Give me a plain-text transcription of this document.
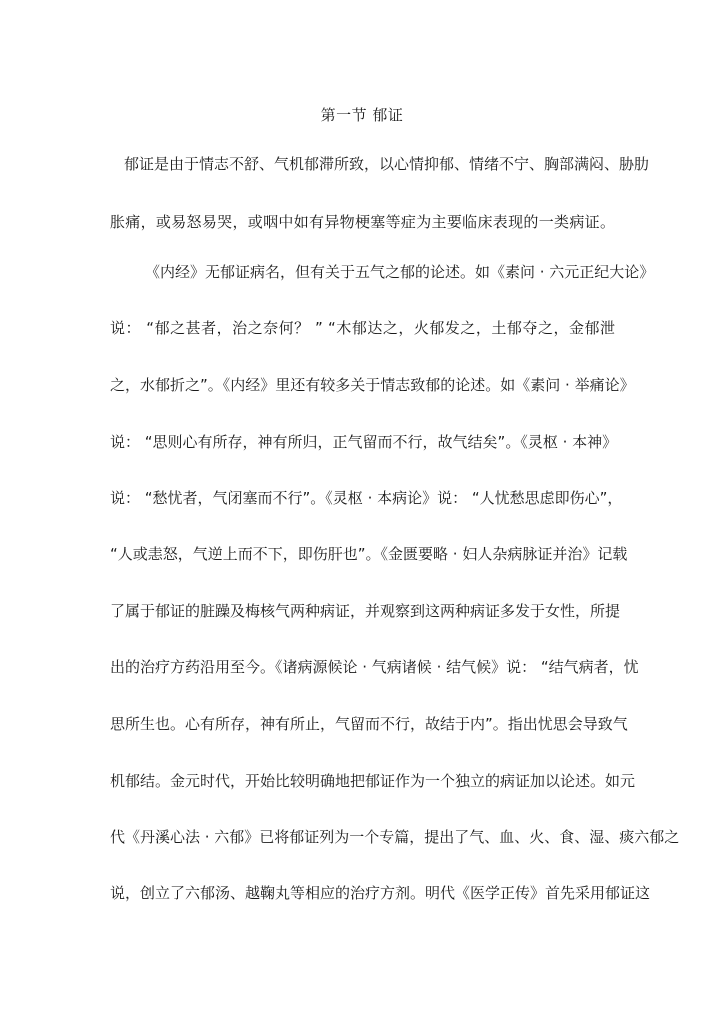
第一节 郁证
郁证是由于情志不舒、气机郁滞所致，以心情抑郁、情绪不宁、胸部满闷、胁肋
胀痛，或易怒易哭，或咽中如有异物梗塞等症为主要临床表现的一类病证。
《内经》无郁证病名，但有关于五气之郁的论述。如《素问 · 六元正纪大论》
说： “郁之甚者，治之奈何？ ” “木郁达之，火郁发之，土郁夺之，金郁泄
之，水郁折之”。《内经》里还有较多关于情志致郁的论述。如《素问 · 举痛论》
说： “思则心有所存，神有所归，正气留而不行，故气结矣”。《灵枢 · 本神》
说： “愁忧者，气闭塞而不行”。《灵枢 · 本病论》说： “人忧愁思虑即伤心”，
“人或恚怒，气逆上而不下，即伤肝也”。《金匮要略 · 妇人杂病脉证并治》记载
了属于郁证的脏躁及梅核气两种病证，并观察到这两种病证多发于女性，所提
出的治疗方药沿用至今。《诸病源候论 · 气病诸候 · 结气候》说： “结气病者，忧
思所生也。心有所存，神有所止，气留而不行，故结于内”。指出忧思会导致气
机郁结。金元时代，开始比较明确地把郁证作为一个独立的病证加以论述。如元
代《丹溪心法 · 六郁》已将郁证列为一个专篇，提出了气、血、火、食、湿、痰六郁之
说，创立了六郁汤、越鞠丸等相应的治疗方剂。明代《医学正传》首先采用郁证这
